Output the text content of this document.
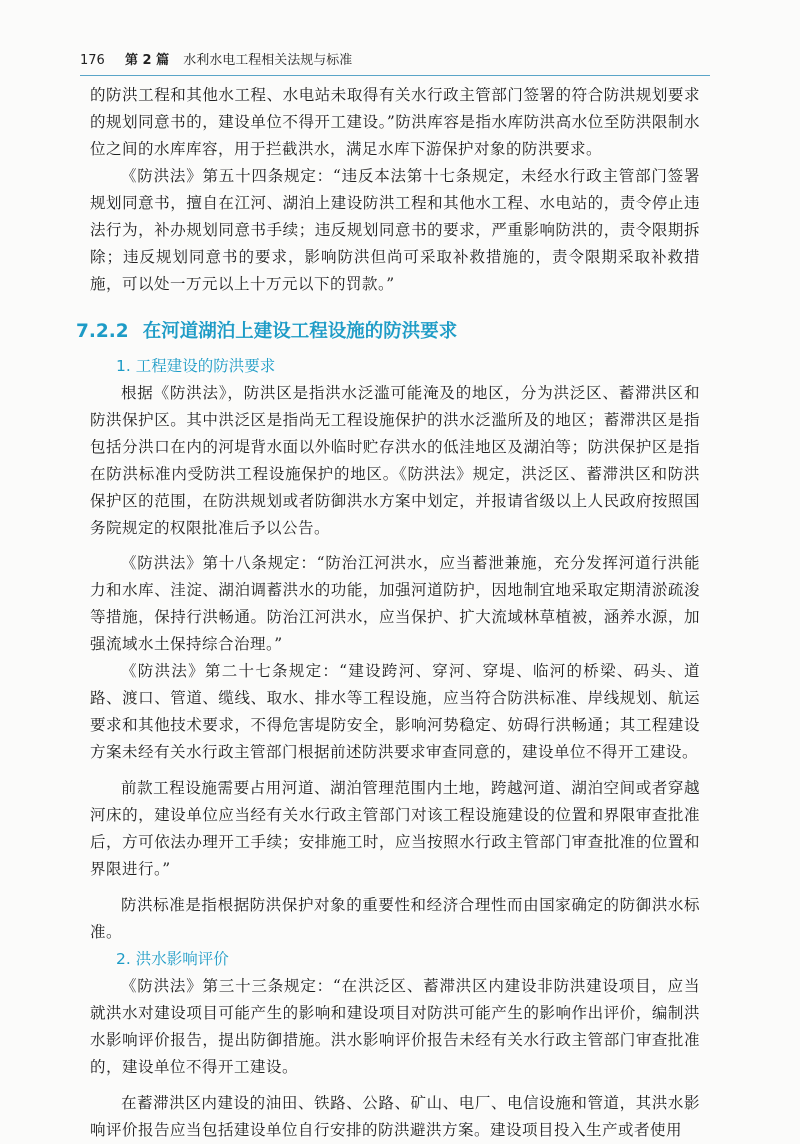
176 第 2 篇 水利水电工程相关法规与标准

的防洪工程和其他水工程、水电站未取得有关水行政主管部门签署的符合防洪规划要求的规划同意书的，建设单位不得开工建设。”防洪库容是指水库防洪高水位至防洪限制水位之间的水库库容，用于拦截洪水，满足水库下游保护对象的防洪要求。

《防洪法》第五十四条规定：“违反本法第十七条规定，未经水行政主管部门签署规划同意书，擅自在江河、湖泊上建设防洪工程和其他水工程、水电站的，责令停止违法行为，补办规划同意书手续；违反规划同意书的要求，严重影响防洪的，责令限期拆除；违反规划同意书的要求，影响防洪但尚可采取补救措施的，责令限期采取补救措施，可以处一万元以上十万元以下的罚款。”

7.2.2 在河道湖泊上建设工程设施的防洪要求
1. 工程建设的防洪要求

根据《防洪法》，防洪区是指洪水泛滥可能淹及的地区，分为洪泛区、蓄滞洪区和防洪保护区。其中洪泛区是指尚无工程设施保护的洪水泛滥所及的地区；蓄滞洪区是指包括分洪口在内的河堤背水面以外临时贮存洪水的低洼地区及湖泊等；防洪保护区是指在防洪标准内受防洪工程设施保护的地区。《防洪法》规定，洪泛区、蓄滞洪区和防洪保护区的范围，在防洪规划或者防御洪水方案中划定，并报请省级以上人民政府按照国务院规定的权限批准后予以公告。

《防洪法》第十八条规定：“防治江河洪水，应当蓄泄兼施，充分发挥河道行洪能力和水库、洼淀、湖泊调蓄洪水的功能，加强河道防护，因地制宜地采取定期清淤疏浚等措施，保持行洪畅通。防治江河洪水，应当保护、扩大流域林草植被，涵养水源，加强流域水土保持综合治理。”

《防洪法》第二十七条规定：“建设跨河、穿河、穿堤、临河的桥梁、码头、道路、渡口、管道、缆线、取水、排水等工程设施，应当符合防洪标准、岸线规划、航运要求和其他技术要求，不得危害堤防安全，影响河势稳定、妨碍行洪畅通；其工程建设方案未经有关水行政主管部门根据前述防洪要求审查同意的，建设单位不得开工建设。

前款工程设施需要占用河道、湖泊管理范围内土地，跨越河道、湖泊空间或者穿越河床的，建设单位应当经有关水行政主管部门对该工程设施建设的位置和界限审查批准后，方可依法办理开工手续；安排施工时，应当按照水行政主管部门审查批准的位置和界限进行。”

防洪标准是指根据防洪保护对象的重要性和经济合理性而由国家确定的防御洪水标准。

2. 洪水影响评价

《防洪法》第三十三条规定：“在洪泛区、蓄滞洪区内建设非防洪建设项目，应当就洪水对建设项目可能产生的影响和建设项目对防洪可能产生的影响作出评价，编制洪水影响评价报告，提出防御措施。洪水影响评价报告未经有关水行政主管部门审查批准的，建设单位不得开工建设。

在蓄滞洪区内建设的油田、铁路、公路、矿山、电厂、电信设施和管道，其洪水影响评价报告应当包括建设单位自行安排的防洪避洪方案。建设项目投入生产或者使用
